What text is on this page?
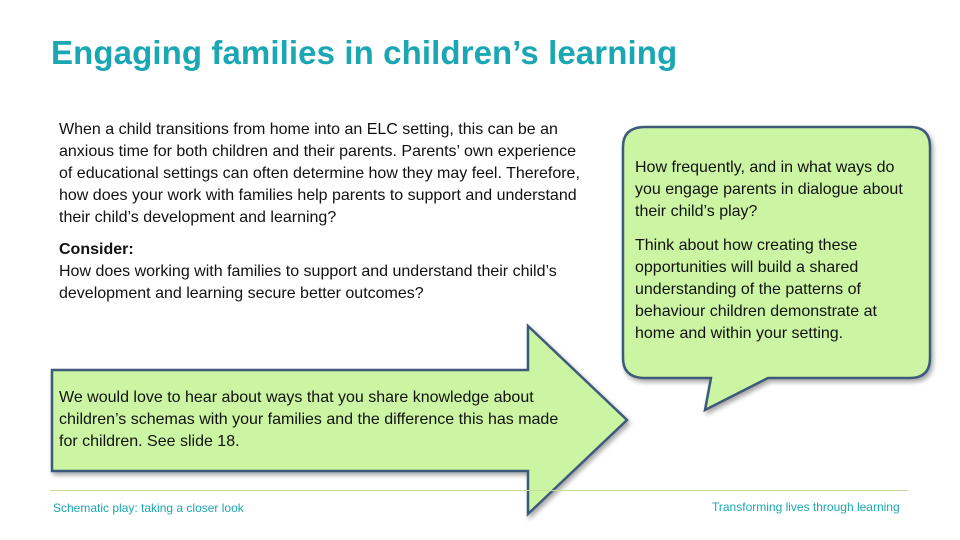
Engaging families in children’s learning
When a child transitions from home into an ELC setting, this can be an anxious time for both children and their parents. Parents’ own experience of educational settings can often determine how they may feel. Therefore, how does your work with families help parents to support and understand their child’s development and learning?
Consider:
How does working with families to support and understand their child’s development and learning secure better outcomes?

How frequently, and in what ways do you engage parents in dialogue about their child’s play?

Think about how creating these opportunities will build a shared understanding of the patterns of behaviour children demonstrate at home and within your setting.

We would love to hear about ways that you share knowledge about children’s schemas with your families and the difference this has made for children. See slide 18.
Schematic play: taking a closer look	Transforming lives through learning
